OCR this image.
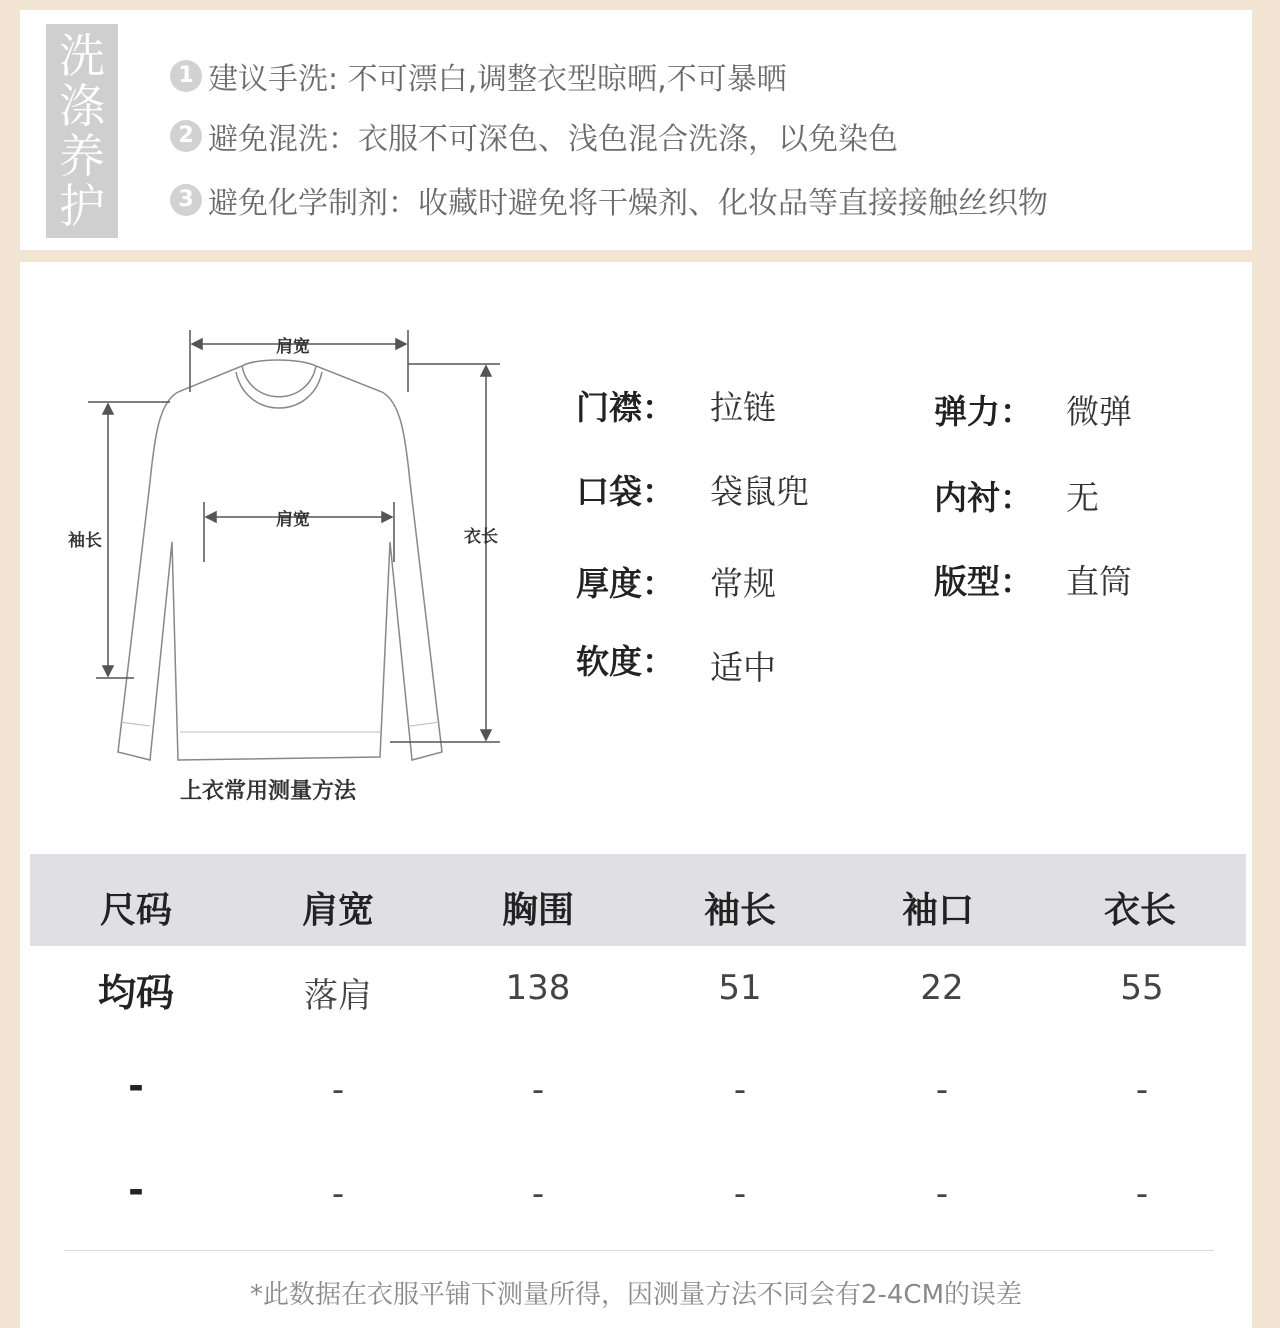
洗
涤
养
护
1 建议手洗: 不可漂白,调整衣型晾晒,不可暴晒
2 避免混洗：衣服不可深色、浅色混合洗涤，以免染色
3 避免化学制剂：收藏时避免将干燥剂、化妆品等直接接触丝织物
肩宽
肩宽
袖长	衣长
上衣常用测量方法
门襟： 拉链	弹力： 微弹
口袋： 袋鼠兜	内衬： 无
厚度： 常规	版型： 直筒
软度： 适中
尺码	肩宽	胸围	袖长	袖口	衣长
均码	落肩	138	51	22	55
-	-	-	-	-	-
-	-	-	-	-	-
*此数据在衣服平铺下测量所得，因测量方法不同会有2-4CM的误差
